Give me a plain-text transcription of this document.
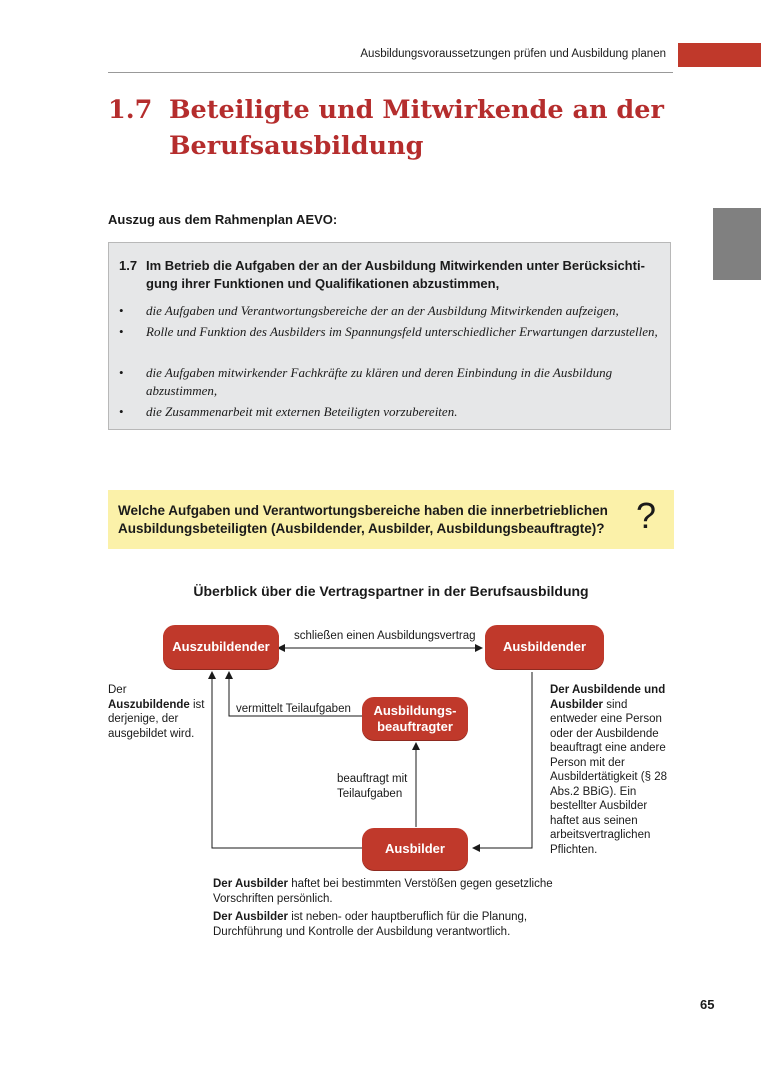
Ausbildungsvoraussetzungen prüfen und Ausbildung planen
1.7 Beteiligte und Mitwirkende an der Berufsausbildung
Auszug aus dem Rahmenplan AEVO:
1.7 Im Betrieb die Aufgaben der an der Ausbildung Mitwirkenden unter Berücksichtigung ihrer Funktionen und Qualifikationen abzustimmen,
• die Aufgaben und Verantwortungsbereiche der an der Ausbildung Mitwirkenden aufzeigen,
• Rolle und Funktion des Ausbilders im Spannungsfeld unterschiedlicher Erwartungen darzustellen,
• die Aufgaben mitwirkender Fachkräfte zu klären und deren Einbindung in die Ausbildung abzustimmen,
• die Zusammenarbeit mit externen Beteiligten vorzubereiten.
Welche Aufgaben und Verantwortungsbereiche haben die innerbetrieblichen Ausbildungsbeteiligten (Ausbildender, Ausbilder, Ausbildungsbeauftragte)? ?
Überblick über die Vertragspartner in der Berufsausbildung
Auszubildender	Ausbildender
Ausbildungs-
beauftragter
Ausbilder
schließen einen Ausbildungsvertrag
vermittelt Teilaufgaben
beauftragt mit
Teilaufgaben
Der Auszubildende ist derjenige, der ausgebildet wird.
Der Ausbildende und Ausbilder sind entweder eine Person oder der Ausbildende beauftragt eine andere Person mit der Ausbildertätigkeit (§ 28 Abs.2 BBiG). Ein bestellter Ausbilder haftet aus seinen arbeitsvertraglichen Pflichten.
Der Ausbilder haftet bei bestimmten Verstößen gegen gesetzliche Vorschriften persönlich.
Der Ausbilder ist neben- oder hauptberuflich für die Planung, Durchführung und Kontrolle der Ausbildung verantwortlich.
65
